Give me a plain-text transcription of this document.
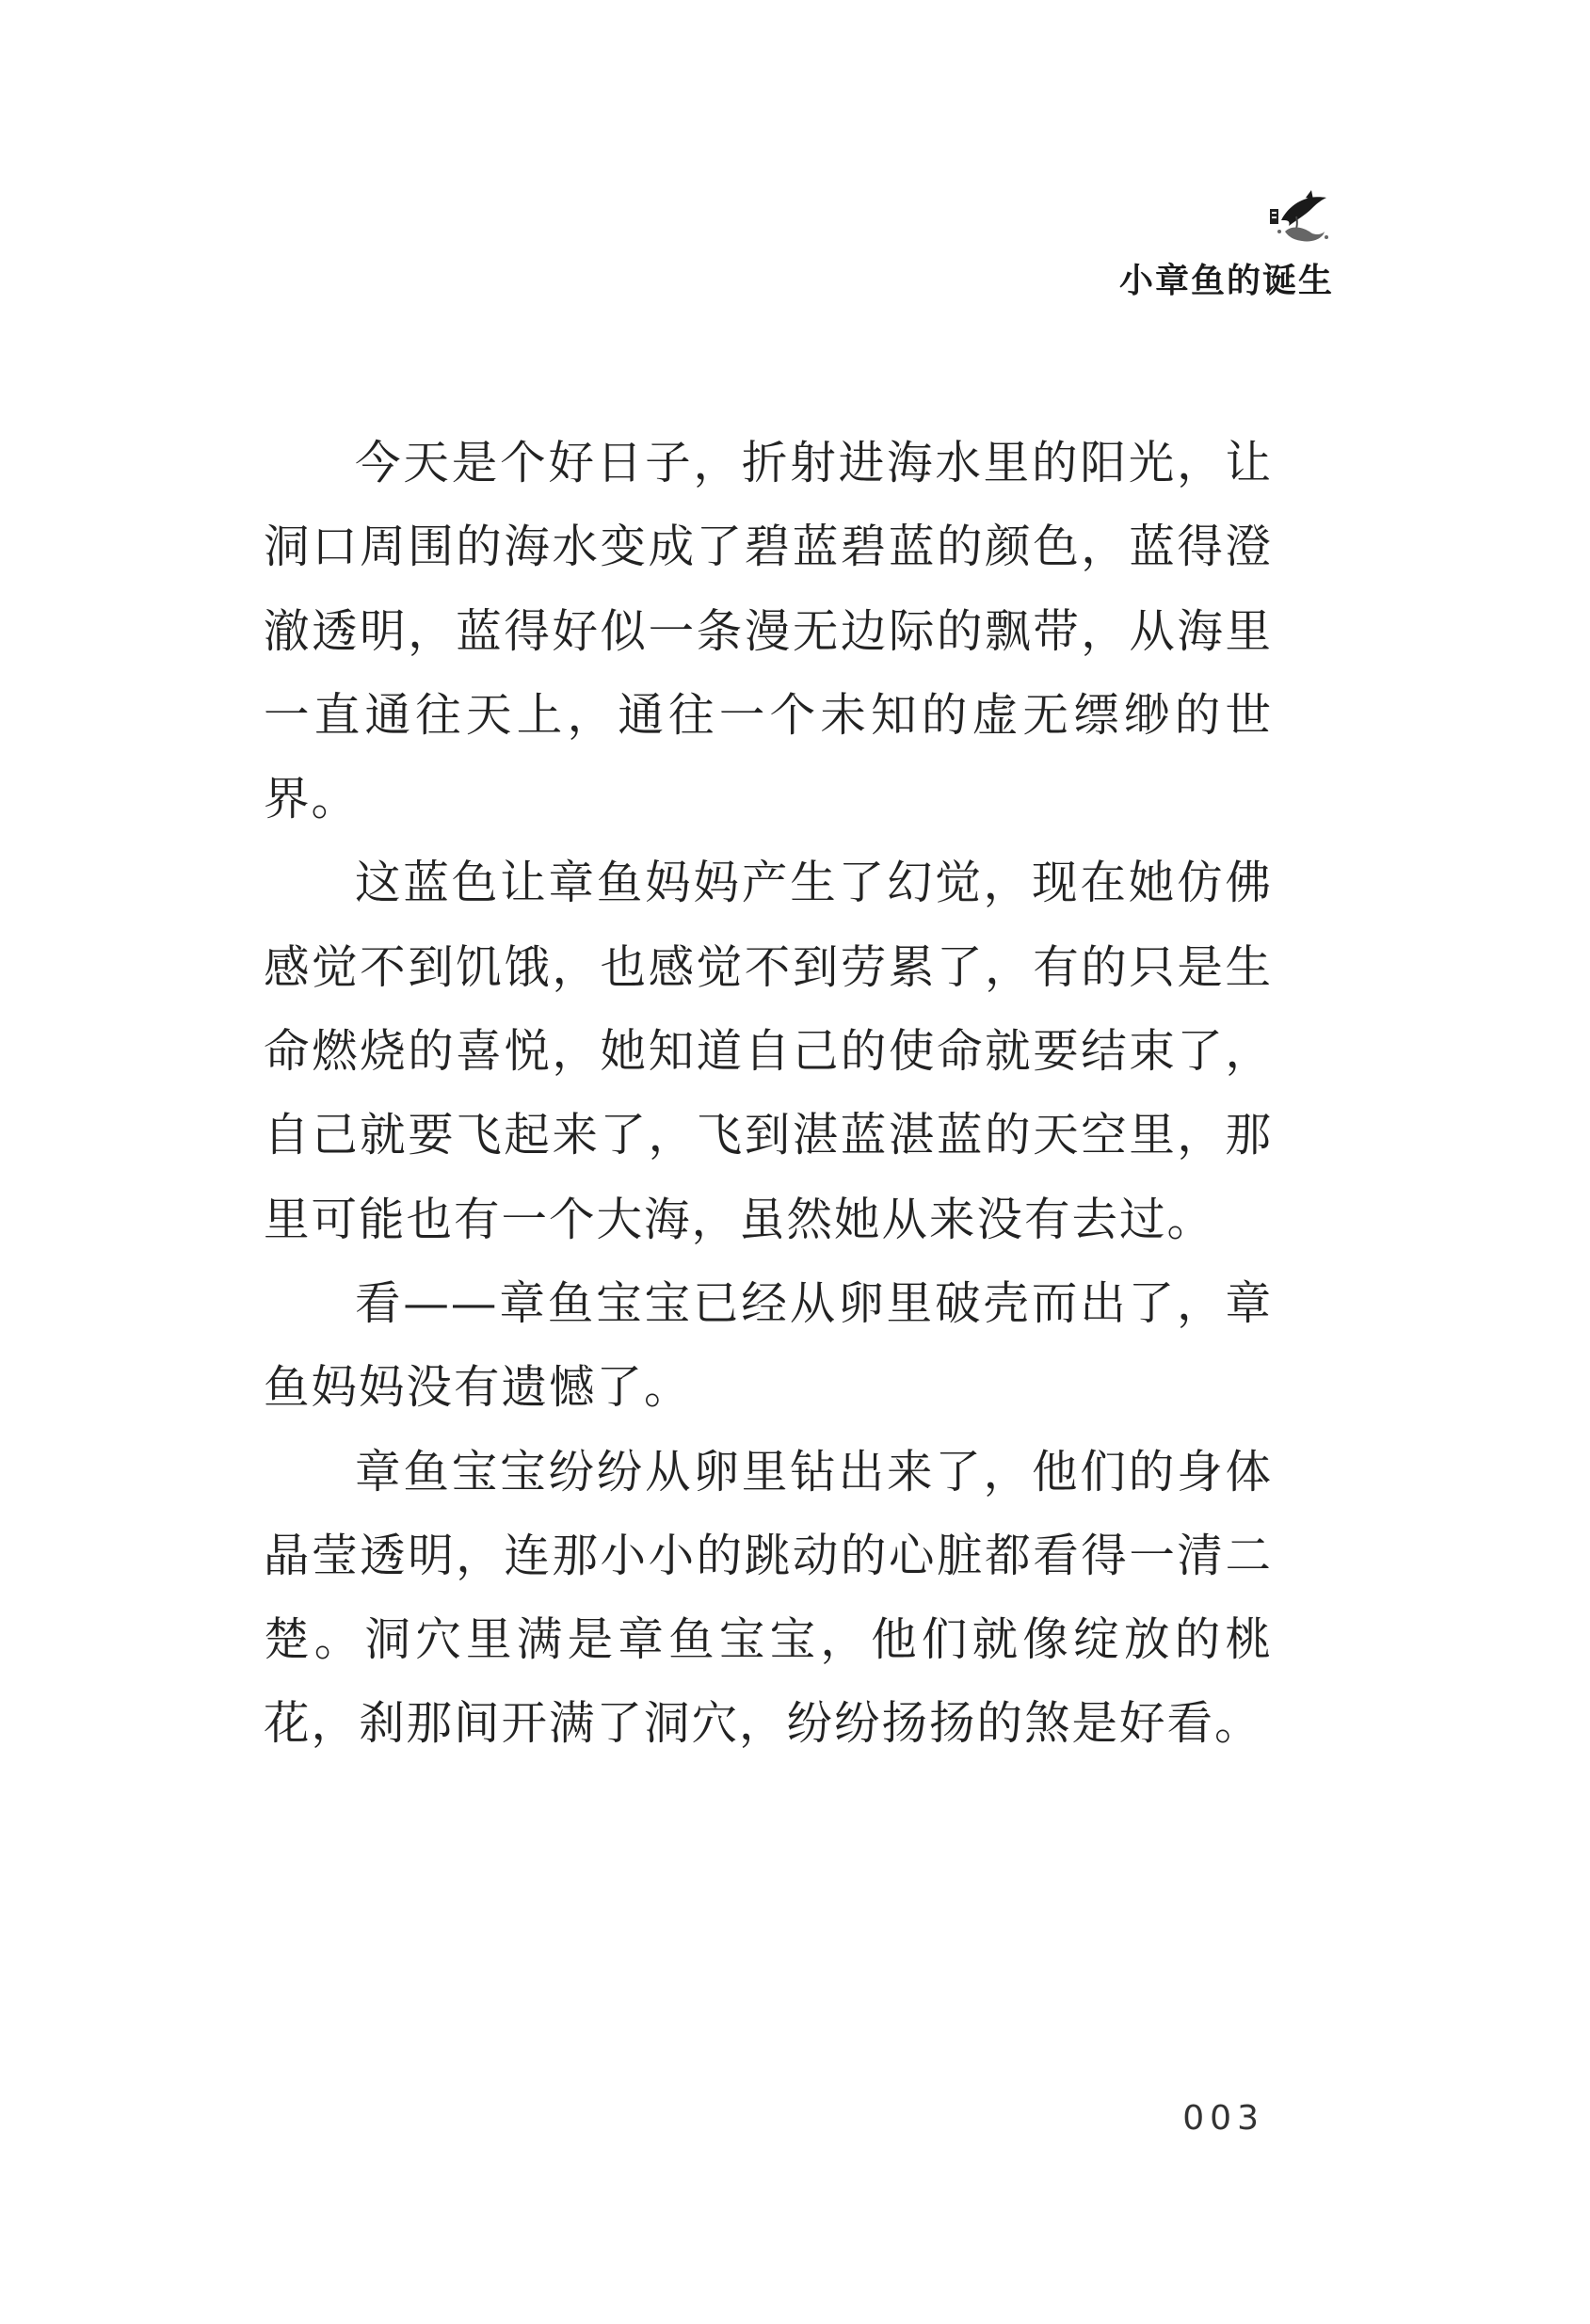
小章鱼的诞生

今天是个好日子，折射进海水里的阳光，让洞口周围的海水变成了碧蓝碧蓝的颜色，蓝得澄澈透明，蓝得好似一条漫无边际的飘带，从海里一直通往天上，通往一个未知的虚无缥缈的世界。

这蓝色让章鱼妈妈产生了幻觉，现在她仿佛感觉不到饥饿，也感觉不到劳累了，有的只是生命燃烧的喜悦，她知道自己的使命就要结束了，自己就要飞起来了，飞到湛蓝湛蓝的天空里，那里可能也有一个大海，虽然她从来没有去过。

看——章鱼宝宝已经从卵里破壳而出了，章鱼妈妈没有遗憾了。

章鱼宝宝纷纷从卵里钻出来了，他们的身体晶莹透明，连那小小的跳动的心脏都看得一清二楚。洞穴里满是章鱼宝宝，他们就像绽放的桃花，刹那间开满了洞穴，纷纷扬扬的煞是好看。

003
